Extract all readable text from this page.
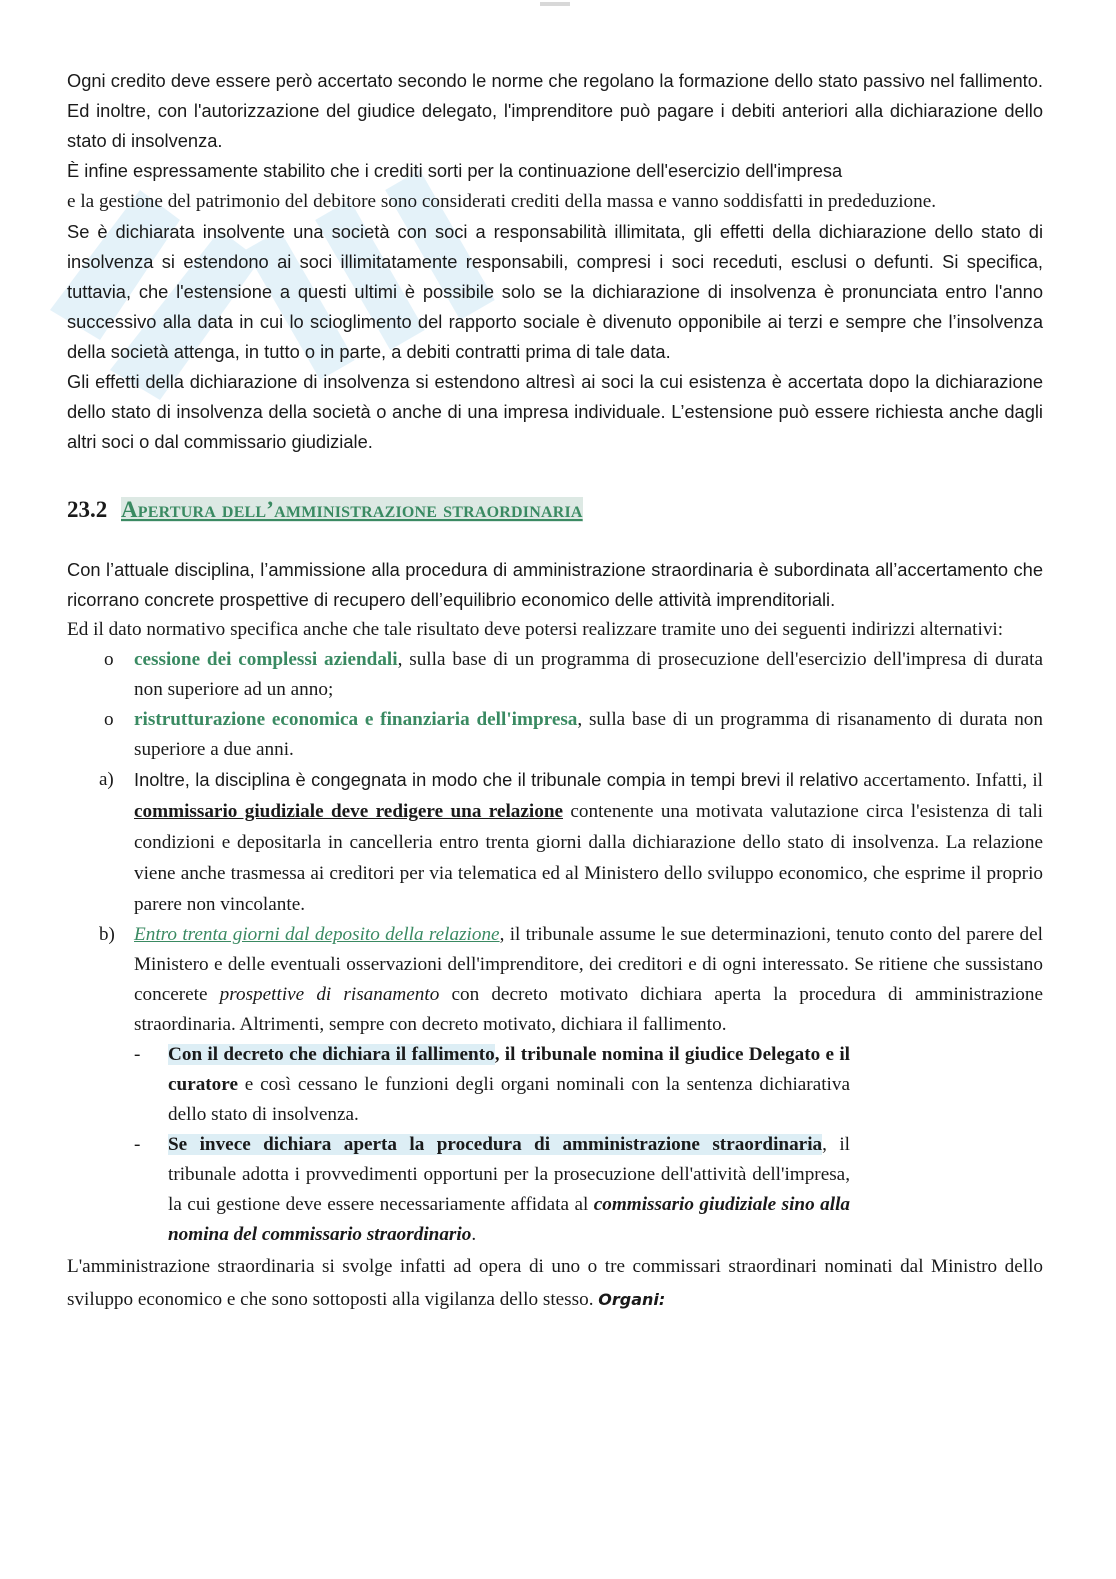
Ogni credito deve essere però accertato secondo le norme che regolano la formazione dello stato passivo nel fallimento. Ed inoltre, con l'autorizzazione del giudice delegato, l'imprenditore può pagare i debiti anteriori alla dichiarazione dello stato di insolvenza.
È infine espressamente stabilito che i crediti sorti per la continuazione dell'esercizio dell'impresa
e la gestione del patrimonio del debitore sono considerati crediti della massa e vanno soddisfatti in prededuzione.

Se è dichiarata insolvente una società con soci a responsabilità illimitata, gli effetti della dichiarazione dello stato di insolvenza si estendono ai soci illimitatamente responsabili, compresi i soci receduti, esclusi o defunti. Si specifica, tuttavia, che l'estensione a questi ultimi è possibile solo se la dichiarazione di insolvenza è pronunciata entro l'anno successivo alla data in cui lo scioglimento del rapporto sociale è divenuto opponibile ai terzi e sempre che l’insolvenza della società attenga, in tutto o in parte, a debiti contratti prima di tale data.

Gli effetti della dichiarazione di insolvenza si estendono altresì ai soci la cui esistenza è accertata dopo la dichiarazione dello stato di insolvenza della società o anche di una impresa individuale. L’estensione può essere richiesta anche dagli altri soci o dal commissario giudiziale.

23.2 Apertura dell’amministrazione straordinaria

Con l’attuale disciplina, l’ammissione alla procedura di amministrazione straordinaria è subordinata all’accertamento che ricorrano concrete prospettive di recupero dell’equilibrio economico delle attività imprenditoriali.

Ed il dato normativo specifica anche che tale risultato deve potersi realizzare tramite uno dei seguenti indirizzi alternativi:

o cessione dei complessi aziendali, sulla base di un programma di prosecuzione dell'esercizio dell'impresa di durata non superiore ad un anno;
o ristrutturazione economica e finanziaria dell'impresa, sulla base di un programma di risanamento di durata non superiore a due anni.
a) Inoltre, la disciplina è congegnata in modo che il tribunale compia in tempi brevi il relativo accertamento. Infatti, il commissario giudiziale deve redigere una relazione contenente una motivata valutazione circa l'esistenza di tali condizioni e depositarla in cancelleria entro trenta giorni dalla dichiarazione dello stato di insolvenza. La relazione viene anche trasmessa ai creditori per via telematica ed al Ministero dello sviluppo economico, che esprime il proprio parere non vincolante.
b) Entro trenta giorni dal deposito della relazione, il tribunale assume le sue determinazioni, tenuto conto del parere del Ministero e delle eventuali osservazioni dell'imprenditore, dei creditori e di ogni interessato. Se ritiene che sussistano concerete prospettive di risanamento con decreto motivato dichiara aperta la procedura di amministrazione straordinaria. Altrimenti, sempre con decreto motivato, dichiara il fallimento.
- Con il decreto che dichiara il fallimento, il tribunale nomina il giudice Delegato e il curatore e così cessano le funzioni degli organi nominali con la sentenza dichiarativa dello stato di insolvenza.
- Se invece dichiara aperta la procedura di amministrazione straordinaria, il tribunale adotta i provvedimenti opportuni per la prosecuzione dell'attività dell'impresa, la cui gestione deve essere necessariamente affidata al commissario giudiziale sino alla nomina del commissario straordinario.

L'amministrazione straordinaria si svolge infatti ad opera di uno o tre commissari straordinari nominati dal Ministro dello sviluppo economico e che sono sottoposti alla vigilanza dello stesso. Organi:
